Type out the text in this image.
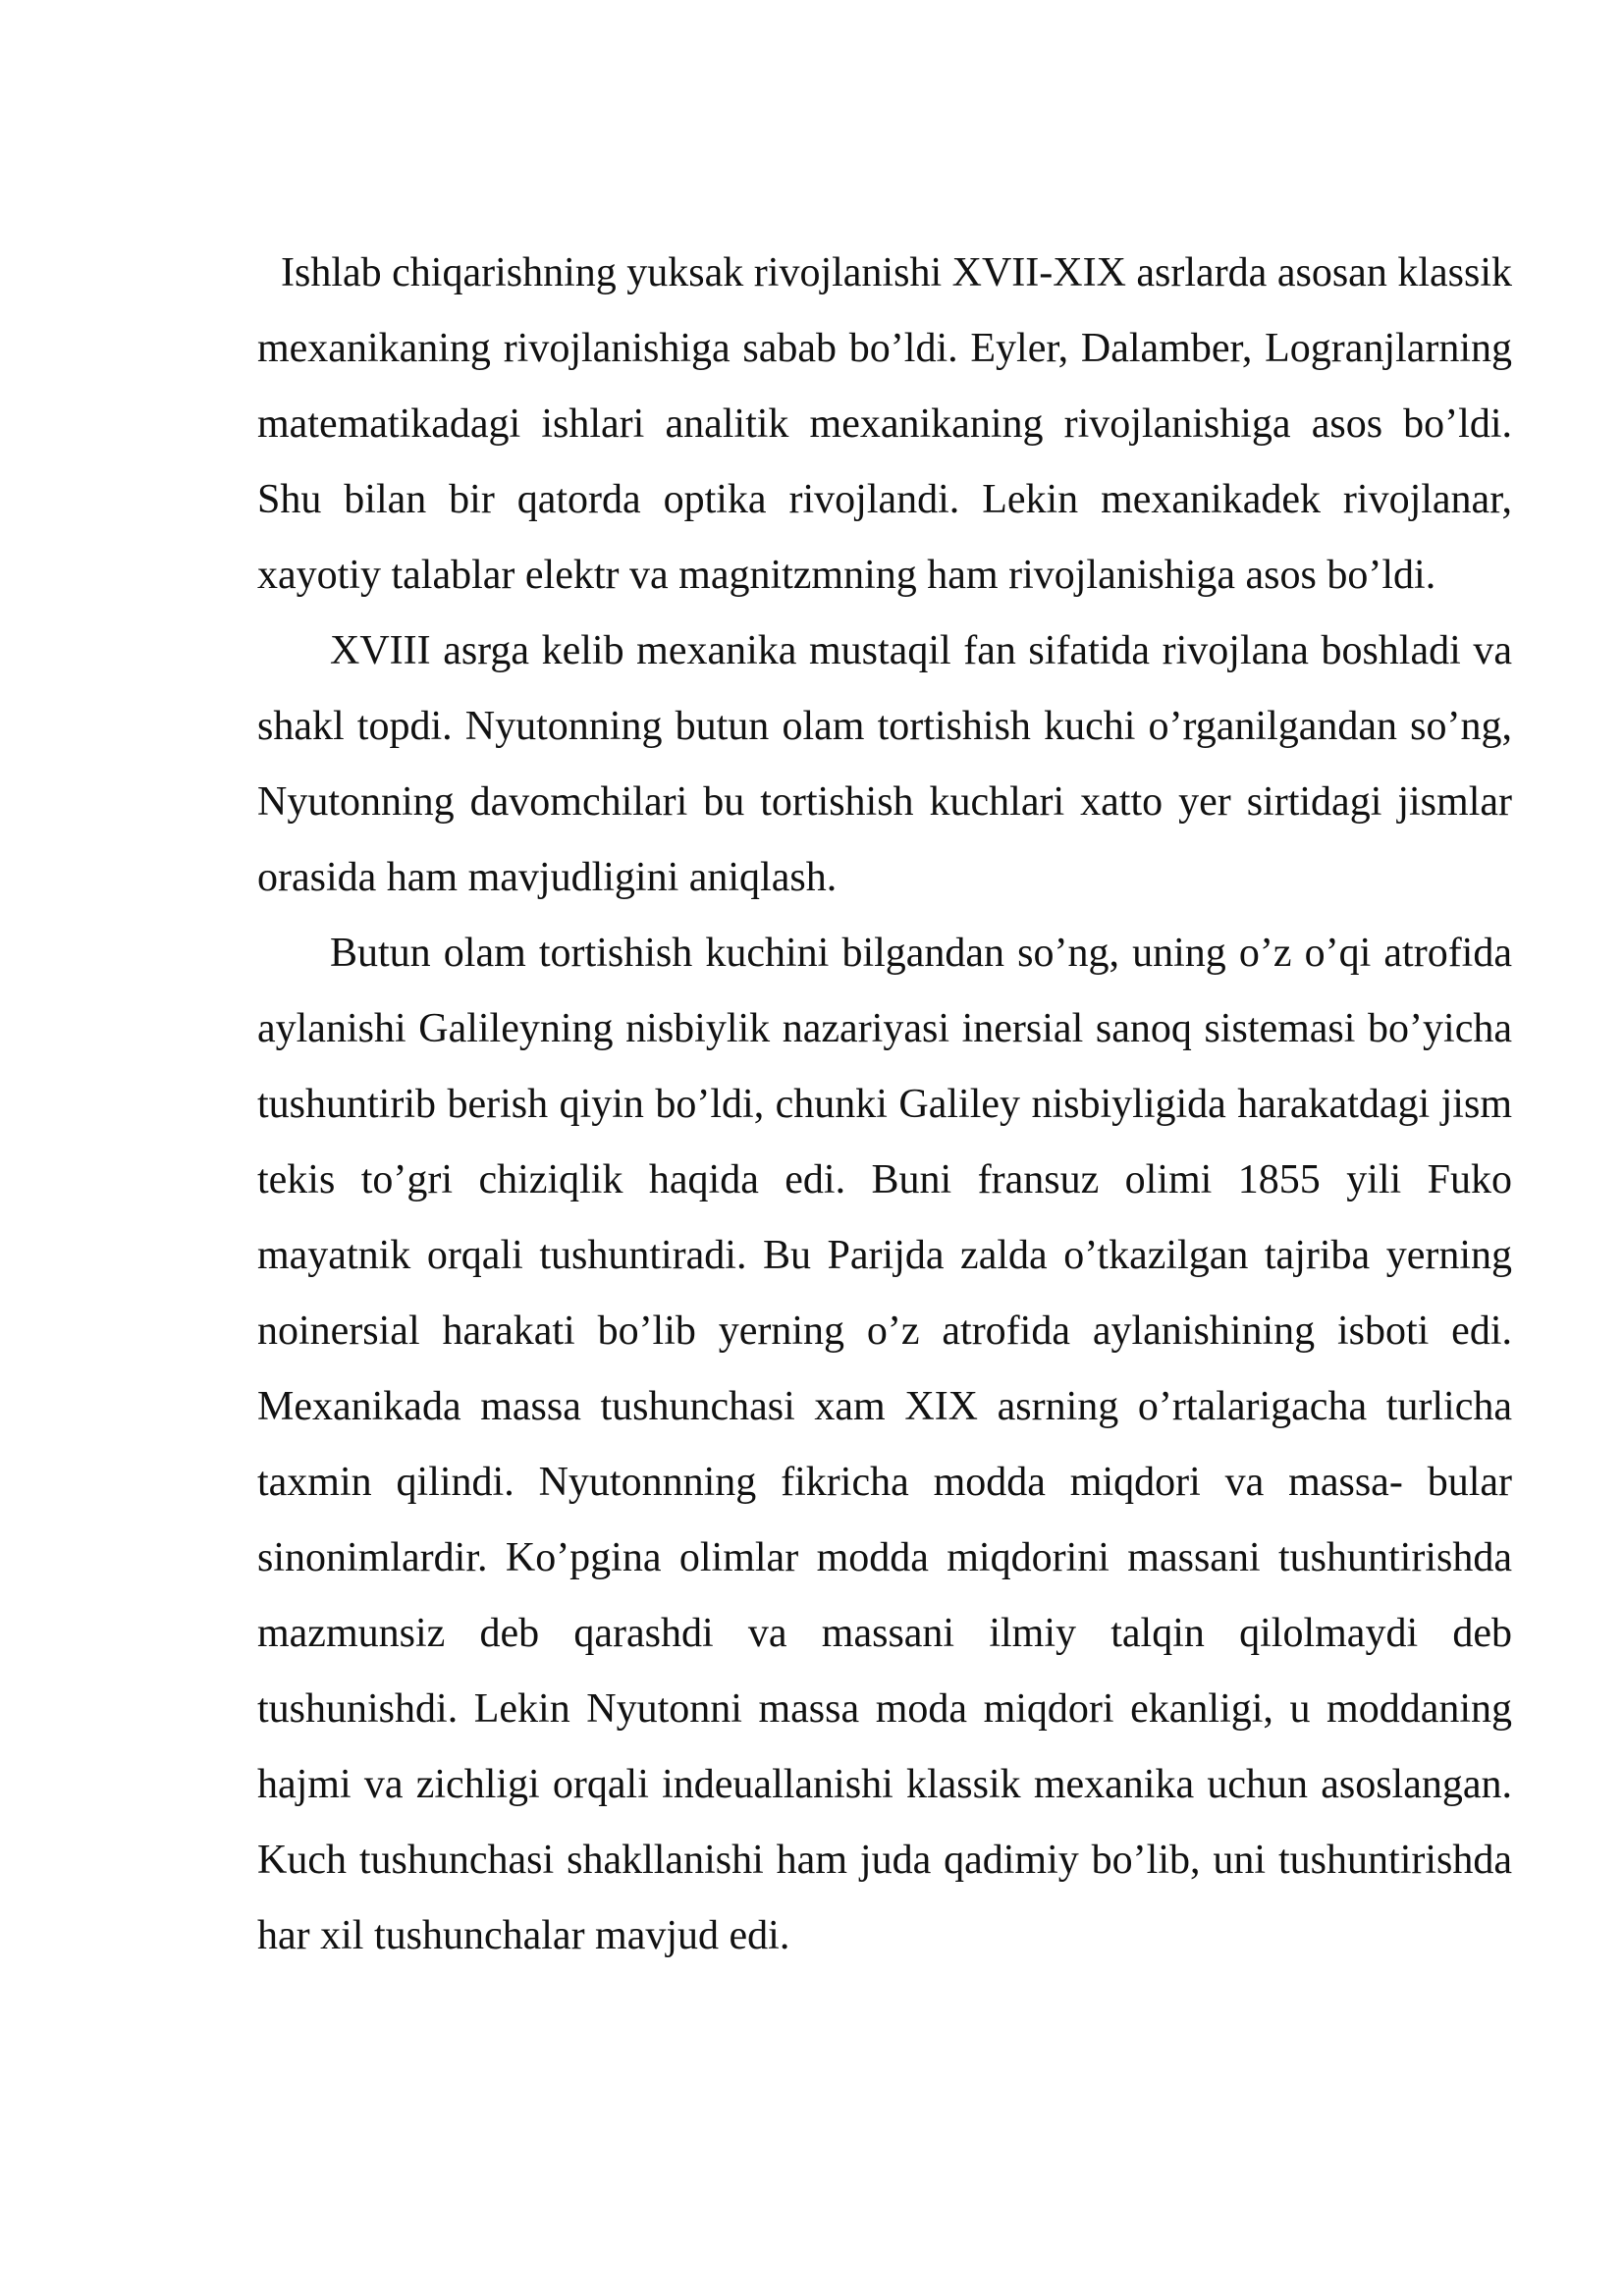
Ishlab chiqarishning yuksak rivojlanishi XVII-XIX asrlarda asosan klassik mexanikaning rivojlanishiga sabab bo’ldi. Eyler, Dalamber, Logranjlarning matematikadagi ishlari analitik mexanikaning rivojlanishiga asos bo’ldi. Shu bilan bir qatorda optika rivojlandi. Lekin mexanikadek rivojlanar, xayotiy talablar elektr va magnitzmning ham rivojlanishiga asos bo’ldi.

XVIII asrga kelib mexanika mustaqil fan sifatida rivojlana boshladi va shakl topdi. Nyutonning butun olam tortishish kuchi o’rganilgandan so’ng, Nyutonning davomchilari bu tortishish kuchlari xatto yer sirtidagi jismlar orasida ham mavjudligini aniqlash.

Butun olam tortishish kuchini bilgandan so’ng, uning o’z o’qi atrofida aylanishi Galileyning nisbiylik nazariyasi inersial sanoq sistemasi bo’yicha tushuntirib berish qiyin bo’ldi, chunki Galiley nisbiyligida harakatdagi jism tekis to’gri chiziqlik haqida edi. Buni fransuz olimi 1855 yili Fuko mayatnik orqali tushuntiradi. Bu Parijda zalda o’tkazilgan tajriba yerning noinersial harakati bo’lib yerning o’z atrofida aylanishining isboti edi. Mexanikada massa tushunchasi xam XIX asrning o’rtalarigacha turlicha taxmin qilindi. Nyutonnning fikricha modda miqdori va massa- bular sinonimlardir. Ko’pgina olimlar modda miqdorini massani tushuntirishda mazmunsiz deb qarashdi va massani ilmiy talqin qilolmaydi deb tushunishdi. Lekin Nyutonni massa moda miqdori ekanligi, u moddaning hajmi va zichligi orqali indeuallanishi klassik mexanika uchun asoslangan. Kuch tushunchasi shakllanishi ham juda qadimiy bo’lib, uni tushuntirishda har xil tushunchalar mavjud edi.
